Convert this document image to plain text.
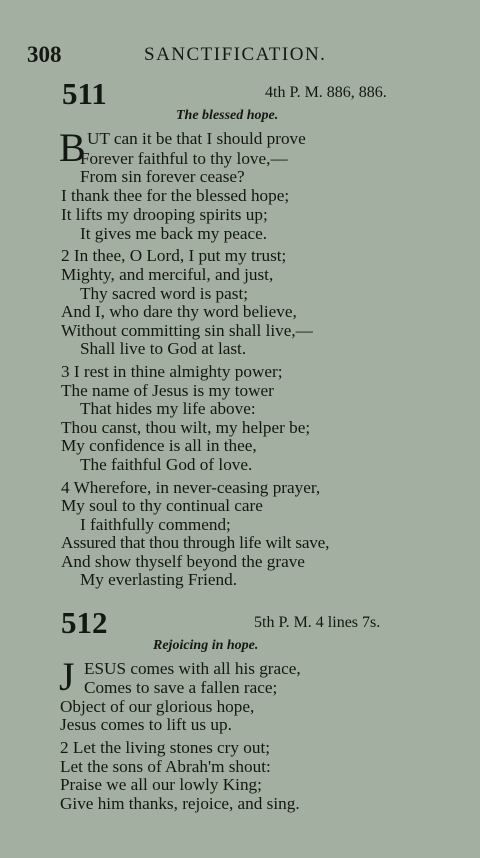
308	SANCTIFICATION.
511	4th P. M. 886, 886.
The blessed hope.
B UT can it be that I should prove
Forever faithful to thy love,—
From sin forever cease?
I thank thee for the blessed hope;
It lifts my drooping spirits up;
It gives me back my peace.
2 In thee, O Lord, I put my trust;
Mighty, and merciful, and just,
Thy sacred word is past;
And I, who dare thy word believe,
Without committing sin shall live,—
Shall live to God at last.
3 I rest in thine almighty power;
The name of Jesus is my tower
That hides my life above:
Thou canst, thou wilt, my helper be;
My confidence is all in thee,
The faithful God of love.
4 Wherefore, in never-ceasing prayer,
My soul to thy continual care
I faithfully commend;
Assured that thou through life wilt save,
And show thyself beyond the grave
My everlasting Friend.
512	5th P. M. 4 lines 7s.
Rejoicing in hope.
J ESUS comes with all his grace,
Comes to save a fallen race;
Object of our glorious hope,
Jesus comes to lift us up.
2 Let the living stones cry out;
Let the sons of Abrah'm shout:
Praise we all our lowly King;
Give him thanks, rejoice, and sing.
